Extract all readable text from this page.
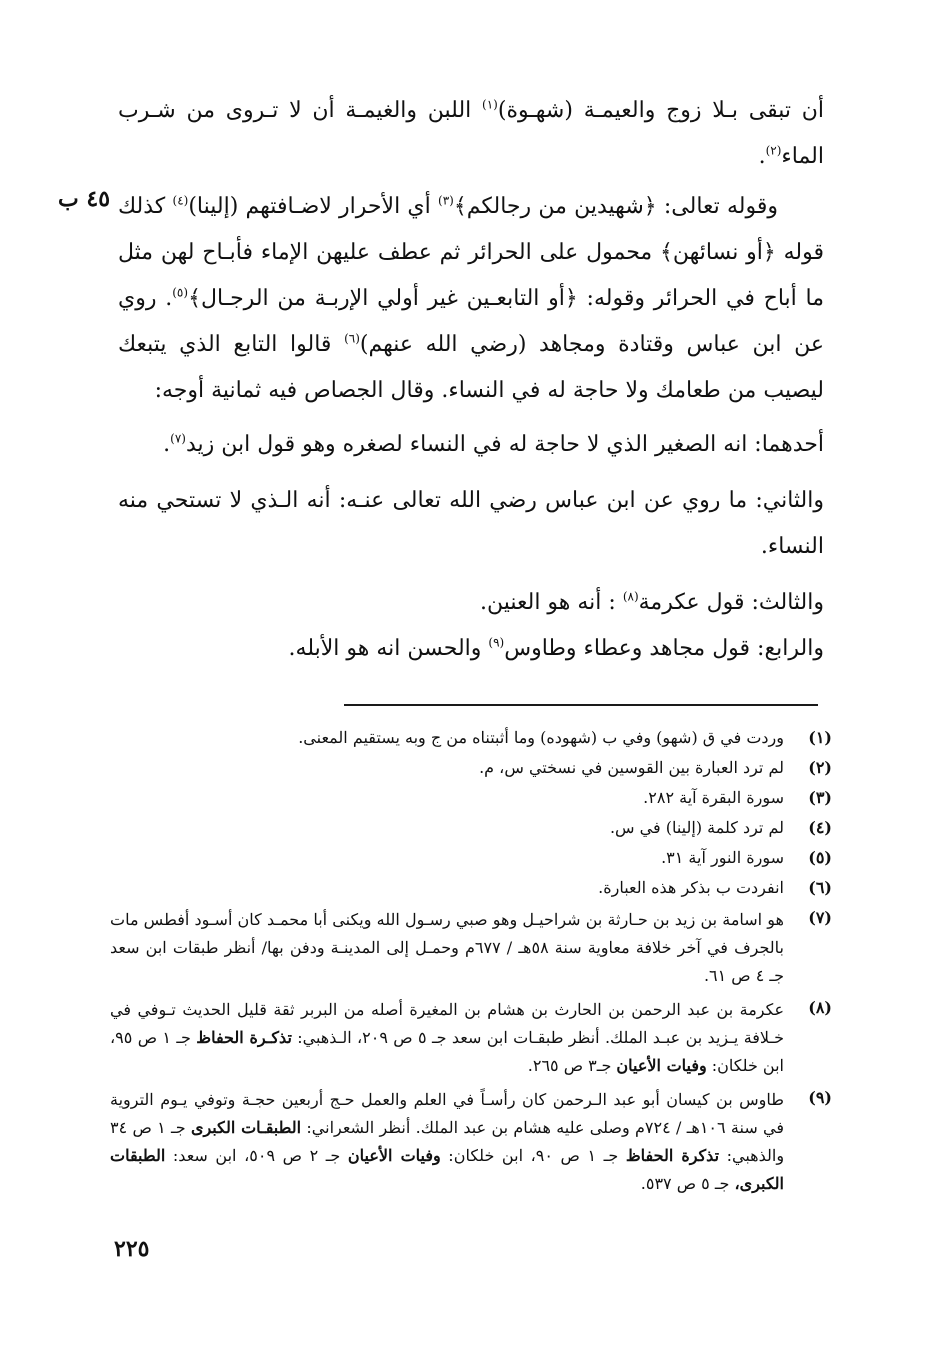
٤٥ ب

أن تبقى بـلا زوج والعيمـة (شهـوة)$^{(١)}$ اللبن والغيمـة أن لا تـروى من شـرب الماء$^{(٢)}$.

وقوله تعالى: ﴿شهيدين من رجالكم﴾$^{(٣)}$ أي الأحرار لاضـافتهم (إلينا)$^{(٤)}$ كذلك قوله ﴿أو نسائهن﴾ محمول على الحرائر ثم عطف عليهن الإماء فأبـاح لهن مثل ما أباح في الحرائر وقوله: ﴿أو التابعـين غير أولي الإربـة من الرجـال﴾$^{(٥)}$. روي عن ابن عباس وقتادة ومجاهد (رضي الله عنهم)$^{(٦)}$ قالوا التابع الذي يتبعك ليصيب من طعامك ولا حاجة له في النساء. وقال الجصاص فيه ثمانية أوجه:

أحدهما: انه الصغير الذي لا حاجة له في النساء لصغره وهو قول ابن زيد$^{(٧)}$.

والثاني: ما روي عن ابن عباس رضي الله تعالى عنـه: أنه الـذي لا تستحي منه النساء.

والثالث: قول عكرمة$^{(٨)}$ : أنه هو العنين.

والرابع: قول مجاهد وعطاء وطاوس$^{(٩)}$ والحسن انه هو الأبله.

(١)
وردت في ق (شهو) وفي ب (شهوده) وما أثبتناه من ج وبه يستقيم المعنى.
(٢)
لم ترد العبارة بين القوسين في نسختي س، م.
(٣)
سورة البقرة آية ٢٨٢.
(٤)
لم ترد كلمة (إلينا) في س.
(٥)
سورة النور آية ٣١.
(٦)
انفردت ب بذكر هذه العبارة.
(٧)
هو اسامة بن زيد بن حـارثة بن شراحيـل وهو صبي رسـول الله ويكنى أبا محمـد كان أسـود أفطس مات بالجرف في آخر خلافة معاوية سنة ٥٨هـ / ٦٧٧م وحمـل إلى المدينـة ودفن بها/ أنظر طبقات ابن سعد جـ ٤ ص ٦١.
(٨)
عكرمة بن عبد الرحمن بن الحارث بن هشام بن المغيرة أصله من البربر ثقة قليل الحديث تـوفي في خـلافة يـزيد بن عبـد الملك. أنظر طبقـات ابن سعد جـ ٥ ص ٢٠٩، الـذهبي: تذكـرة الحفاظ جـ ١ ص ٩٥، ابن خلكان: وفيات الأعيان جـ٣ ص ٢٦٥.
(٩)
طاوس بن كيسان أبو عبد الـرحمن كان رأسـاً في العلم والعمل حـج أربعين حجـة وتوفي يـوم التروية في سنة ١٠٦هـ / ٧٢٤م وصلى عليه هشام بن عبد الملك. أنظر الشعراني: الطبقـات الكبرى جـ ١ ص ٣٤ والذهبي: تذكرة الحفاظ جـ ١ ص ٩٠، ابن خلكان: وفيات الأعيان جـ ٢ ص ٥٠٩، ابن سعد: الطبقات الكبرى، جـ ٥ ص ٥٣٧.
٢٢٥
